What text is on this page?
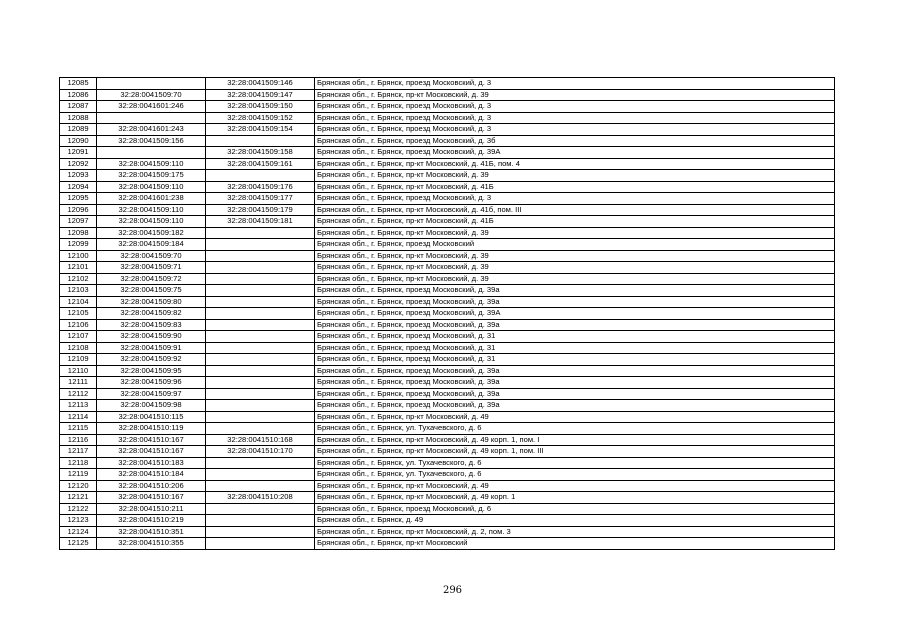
12085		32:28:0041509:146	Брянская обл., г. Брянск, проезд Московский, д. 3
12086	32:28:0041509:70	32:28:0041509:147	Брянская обл., г. Брянск, пр-кт Московский, д. 39
12087	32:28:0041601:246	32:28:0041509:150	Брянская обл., г. Брянск, проезд Московский, д. 3
12088		32:28:0041509:152	Брянская обл., г. Брянск, проезд Московский, д. 3
12089	32:28:0041601:243	32:28:0041509:154	Брянская обл., г. Брянск, проезд Московский, д. 3
12090	32:28:0041509:156		Брянская обл., г. Брянск, проезд Московский, д. 3б
12091		32:28:0041509:158	Брянская обл., г. Брянск, проезд Московский, д. 39А
12092	32:28:0041509:110	32:28:0041509:161	Брянская обл., г. Брянск, пр-кт Московский, д. 41Б, пом. 4
12093	32:28:0041509:175		Брянская обл., г. Брянск, пр-кт Московский, д. 39
12094	32:28:0041509:110	32:28:0041509:176	Брянская обл., г. Брянск, пр-кт Московский, д. 41Б
12095	32:28:0041601:238	32:28:0041509:177	Брянская обл., г. Брянск, проезд Московский, д. 3
12096	32:28:0041509:110	32:28:0041509:179	Брянская обл., г. Брянск, пр-кт Московский, д. 41б, пом. III
12097	32:28:0041509:110	32:28:0041509:181	Брянская обл., г. Брянск, пр-кт Московский, д. 41Б
12098	32:28:0041509:182		Брянская обл., г. Брянск, пр-кт Московский, д. 39
12099	32:28:0041509:184		Брянская обл., г. Брянск, проезд Московский
12100	32:28:0041509:70		Брянская обл., г. Брянск, пр-кт Московский, д. 39
12101	32:28:0041509:71		Брянская обл., г. Брянск, пр-кт Московский, д. 39
12102	32:28:0041509:72		Брянская обл., г. Брянск, пр-кт Московский, д. 39
12103	32:28:0041509:75		Брянская обл., г. Брянск, проезд Московский, д. 39а
12104	32:28:0041509:80		Брянская обл., г. Брянск, проезд Московский, д. 39а
12105	32:28:0041509:82		Брянская обл., г. Брянск, проезд Московский, д. 39А
12106	32:28:0041509:83		Брянская обл., г. Брянск, проезд Московский, д. 39а
12107	32:28:0041509:90		Брянская обл., г. Брянск, проезд Московский, д. 31
12108	32:28:0041509:91		Брянская обл., г. Брянск, проезд Московский, д. 31
12109	32:28:0041509:92		Брянская обл., г. Брянск, проезд Московский, д. 31
12110	32:28:0041509:95		Брянская обл., г. Брянск, проезд Московский, д. 39а
12111	32:28:0041509:96		Брянская обл., г. Брянск, проезд Московский, д. 39а
12112	32:28:0041509:97		Брянская обл., г. Брянск, проезд Московский, д. 39а
12113	32:28:0041509:98		Брянская обл., г. Брянск, проезд Московский, д. 39а
12114	32:28:0041510:115		Брянская обл., г. Брянск, пр-кт Московский, д. 49
12115	32:28:0041510:119		Брянская обл., г. Брянск, ул. Тухачевского, д. 6
12116	32:28:0041510:167	32:28:0041510:168	Брянская обл., г. Брянск, пр-кт Московский, д. 49 корп. 1, пом. I
12117	32:28:0041510:167	32:28:0041510:170	Брянская обл., г. Брянск, пр-кт Московский, д. 49 корп. 1, пом. III
12118	32:28:0041510:183		Брянская обл., г. Брянск, ул. Тухачевского, д. 6
12119	32:28:0041510:184		Брянская обл., г. Брянск, ул. Тухачевского, д. 6
12120	32:28:0041510:206		Брянская обл., г. Брянск, пр-кт Московский, д. 49
12121	32:28:0041510:167	32:28:0041510:208	Брянская обл., г. Брянск, пр-кт Московский, д. 49 корп. 1
12122	32:28:0041510:211		Брянская обл., г. Брянск, проезд Московский, д. 6
12123	32:28:0041510:219		Брянская обл., г. Брянск, д. 49
12124	32:28:0041510:351		Брянская обл., г. Брянск, пр-кт Московский, д. 2, пом. 3
12125	32:28:0041510:355		Брянская обл., г. Брянск, пр-кт Московский
296
